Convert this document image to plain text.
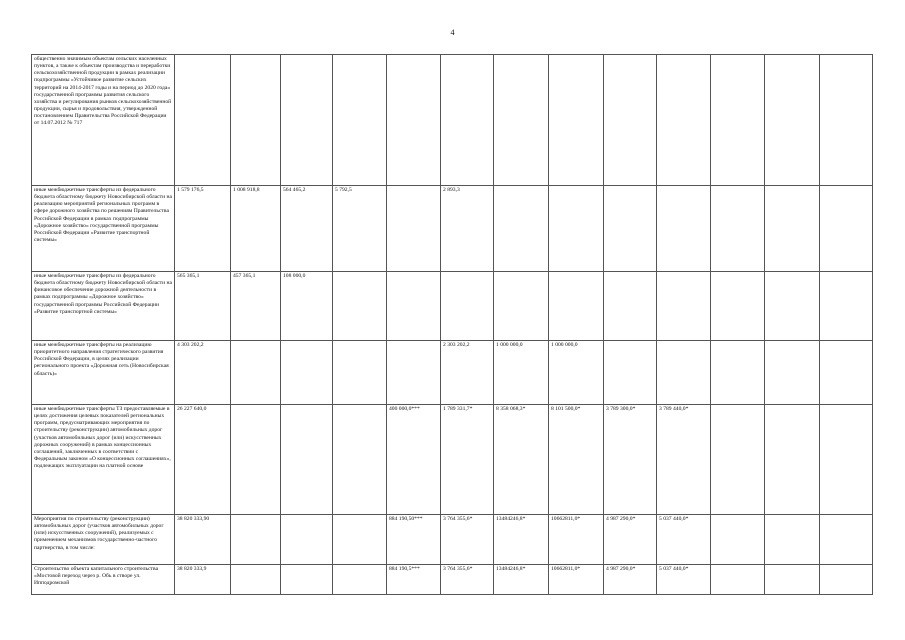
4
общественно значимым объектам сельских населенных пунктов, а также к объектам производства и переработки сельскохозяйственной продукции в рамках реализации подпрограммы «Устойчивое развитие сельских территорий на 2014-2017 годы и на период до 2020 года» государственной программы развития сельского хозяйства и регулирования рынков сельскохозяйственной продукции, сырья и продовольствия, утвержденной постановлением Правительства Российской Федерации от 14.07.2012 № 717													
иные межбюджетные трансферты из федерального бюджета областному бюджету Новосибирской области на реализацию мероприятий региональных программ в сфере дорожного хозяйства по решениям Правительства Российской Федерации в рамках подпрограммы «Дорожное хозяйство» государственной программы Российской Федерации «Развитие транспортной системы»	1 579 176,5	1 008 918,8	564 465,2	5 792,5		2 893,3							
иные межбюджетные трансферты из федерального бюджета областному бюджету Новосибирской области на финансовое обеспечение дорожной деятельности в рамках подпрограммы «Дорожное хозяйство» государственной программы Российской Федерации «Развитие транспортной системы»	565 365,1	457 365,1	108 000,0										
иные межбюджетные трансферты на реализацию приоритетного направления стратегического развития Российской Федерации, в целях реализации регионального проекта «Дорожная сеть (Новосибирская область)»	4 303 202,2					2 303 202,2	1 000 000,0	1 000 000,0					
иные межбюджетные трансферты ТЗ предоставляемые в целях достижения целевых показателей региональных программ, предусматривающих мероприятия по строительству (реконструкции) автомобильных дорог (участков автомобильных дорог (или) искусственных дорожных сооружений) в рамках концессионных соглашений, заключенных в соответствии с Федеральным законом «О концессионных соглашениях», подлежащих эксплуатации на платной основе	26 227 640,0				400 000,0***	1 789 331,7*	8 358 068,3*	8 101 500,0*	3 789 300,0*	3 789 440,0*			
Мероприятия по строительству (реконструкции) автомобильных дорог (участков автомобильных дорог (или) искусственных сооружений), реализуемых с применением механизмов государственно-частного партнерства, в том числе:	38 820 333,90				884 190,50***	3 764 355,6*	13484246,8*	10662811,0*	4 987 290,0*	5 037 440,0*			
Строительство объекта капитального строительства «Мостовой переход через р. Обь в створе ул. Ипподромской	38 820 333,9				884 190,5***	3 764 355,6*	13484246,8*	10662811,0*	4 987 290,0*	5 037 440,0*			
